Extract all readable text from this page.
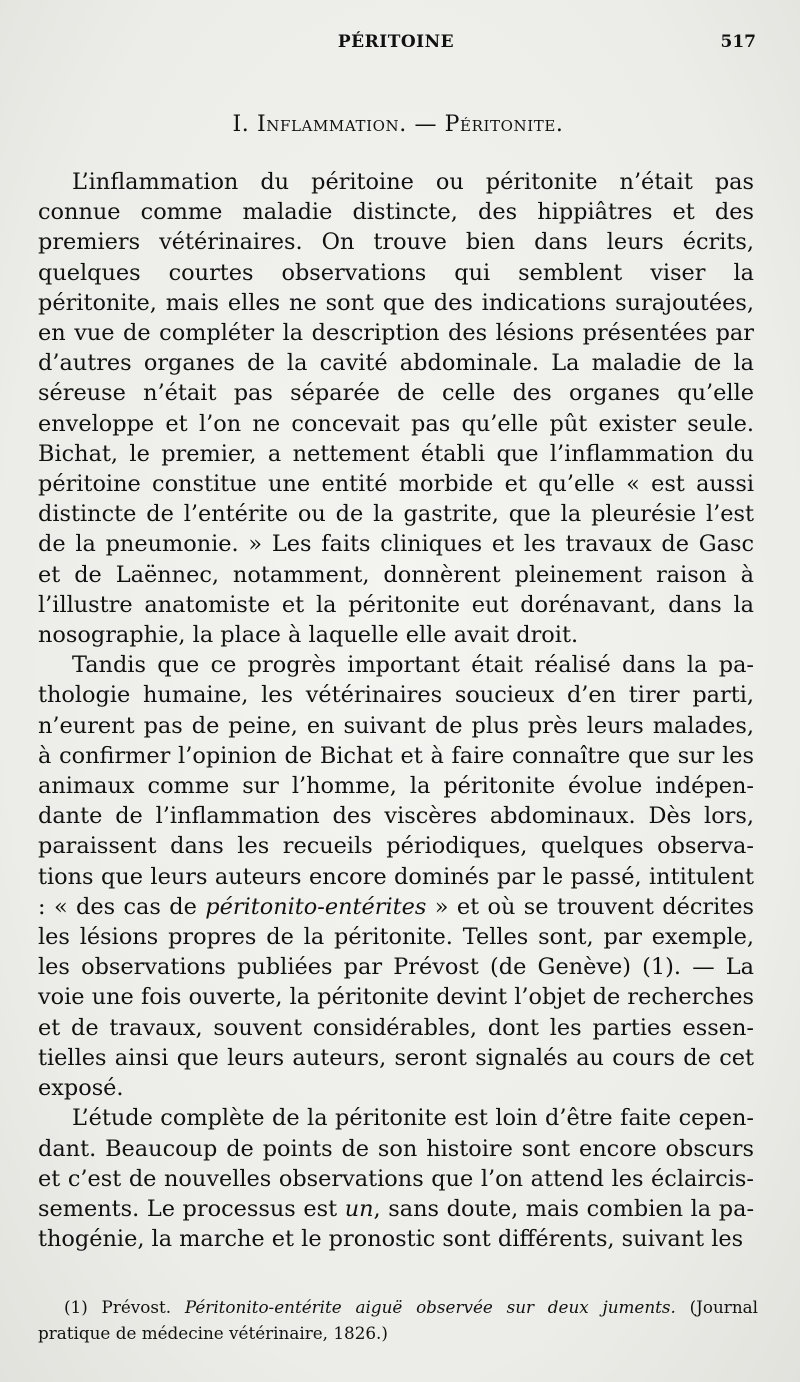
PÉRITOINE	517
I. Inflammation. — Péritonite.

L’inflammation du péritoine ou péritonite n’était pas connue comme maladie distincte, des hippiâtres et des premiers vétérinaires. On trouve bien dans leurs écrits, quelques courtes observations qui semblent viser la péritonite, mais elles ne sont que des indications surajoutées, en vue de compléter la description des lésions présentées par d’autres organes de la cavité abdominale. La maladie de la séreuse n’était pas séparée de celle des organes qu’elle enveloppe et l’on ne concevait pas qu’elle pût exister seule. Bichat, le premier, a nettement établi que l’inflammation du péritoine constitue une entité morbide et qu’elle « est aussi distincte de l’entérite ou de la gastrite, que la pleurésie l’est de la pneumonie. » Les faits cliniques et les travaux de Gasc et de Laënnec, notamment, donnèrent pleinement raison à l’illustre anatomiste et la péritonite eut dorénavant, dans la nosographie, la place à laquelle elle avait droit.

Tandis que ce progrès important était réalisé dans la pathologie humaine, les vétérinaires soucieux d’en tirer parti, n’eurent pas de peine, en suivant de plus près leurs malades, à confirmer l’opinion de Bichat et à faire connaître que sur les animaux comme sur l’homme, la péritonite évolue indépendante de l’inflammation des viscères abdominaux. Dès lors, paraissent dans les recueils périodiques, quelques observations que leurs auteurs encore dominés par le passé, intitulent : « des cas de péritonito-entérites » et où se trouvent décrites les lésions propres de la péritonite. Telles sont, par exemple, les observations publiées par Prévost (de Genève) (1). — La voie une fois ouverte, la péritonite devint l’objet de recherches et de travaux, souvent considérables, dont les parties essentielles ainsi que leurs auteurs, seront signalés au cours de cet exposé.

L’étude complète de la péritonite est loin d’être faite cependant. Beaucoup de points de son histoire sont encore obscurs et c’est de nouvelles observations que l’on attend les éclaircissements. Le processus est un, sans doute, mais combien la pathogénie, la marche et le pronostic sont différents, suivant les

(1) Prévost. Péritonito-entérite aiguë observée sur deux juments. (Journal pratique de médecine vétérinaire, 1826.)
